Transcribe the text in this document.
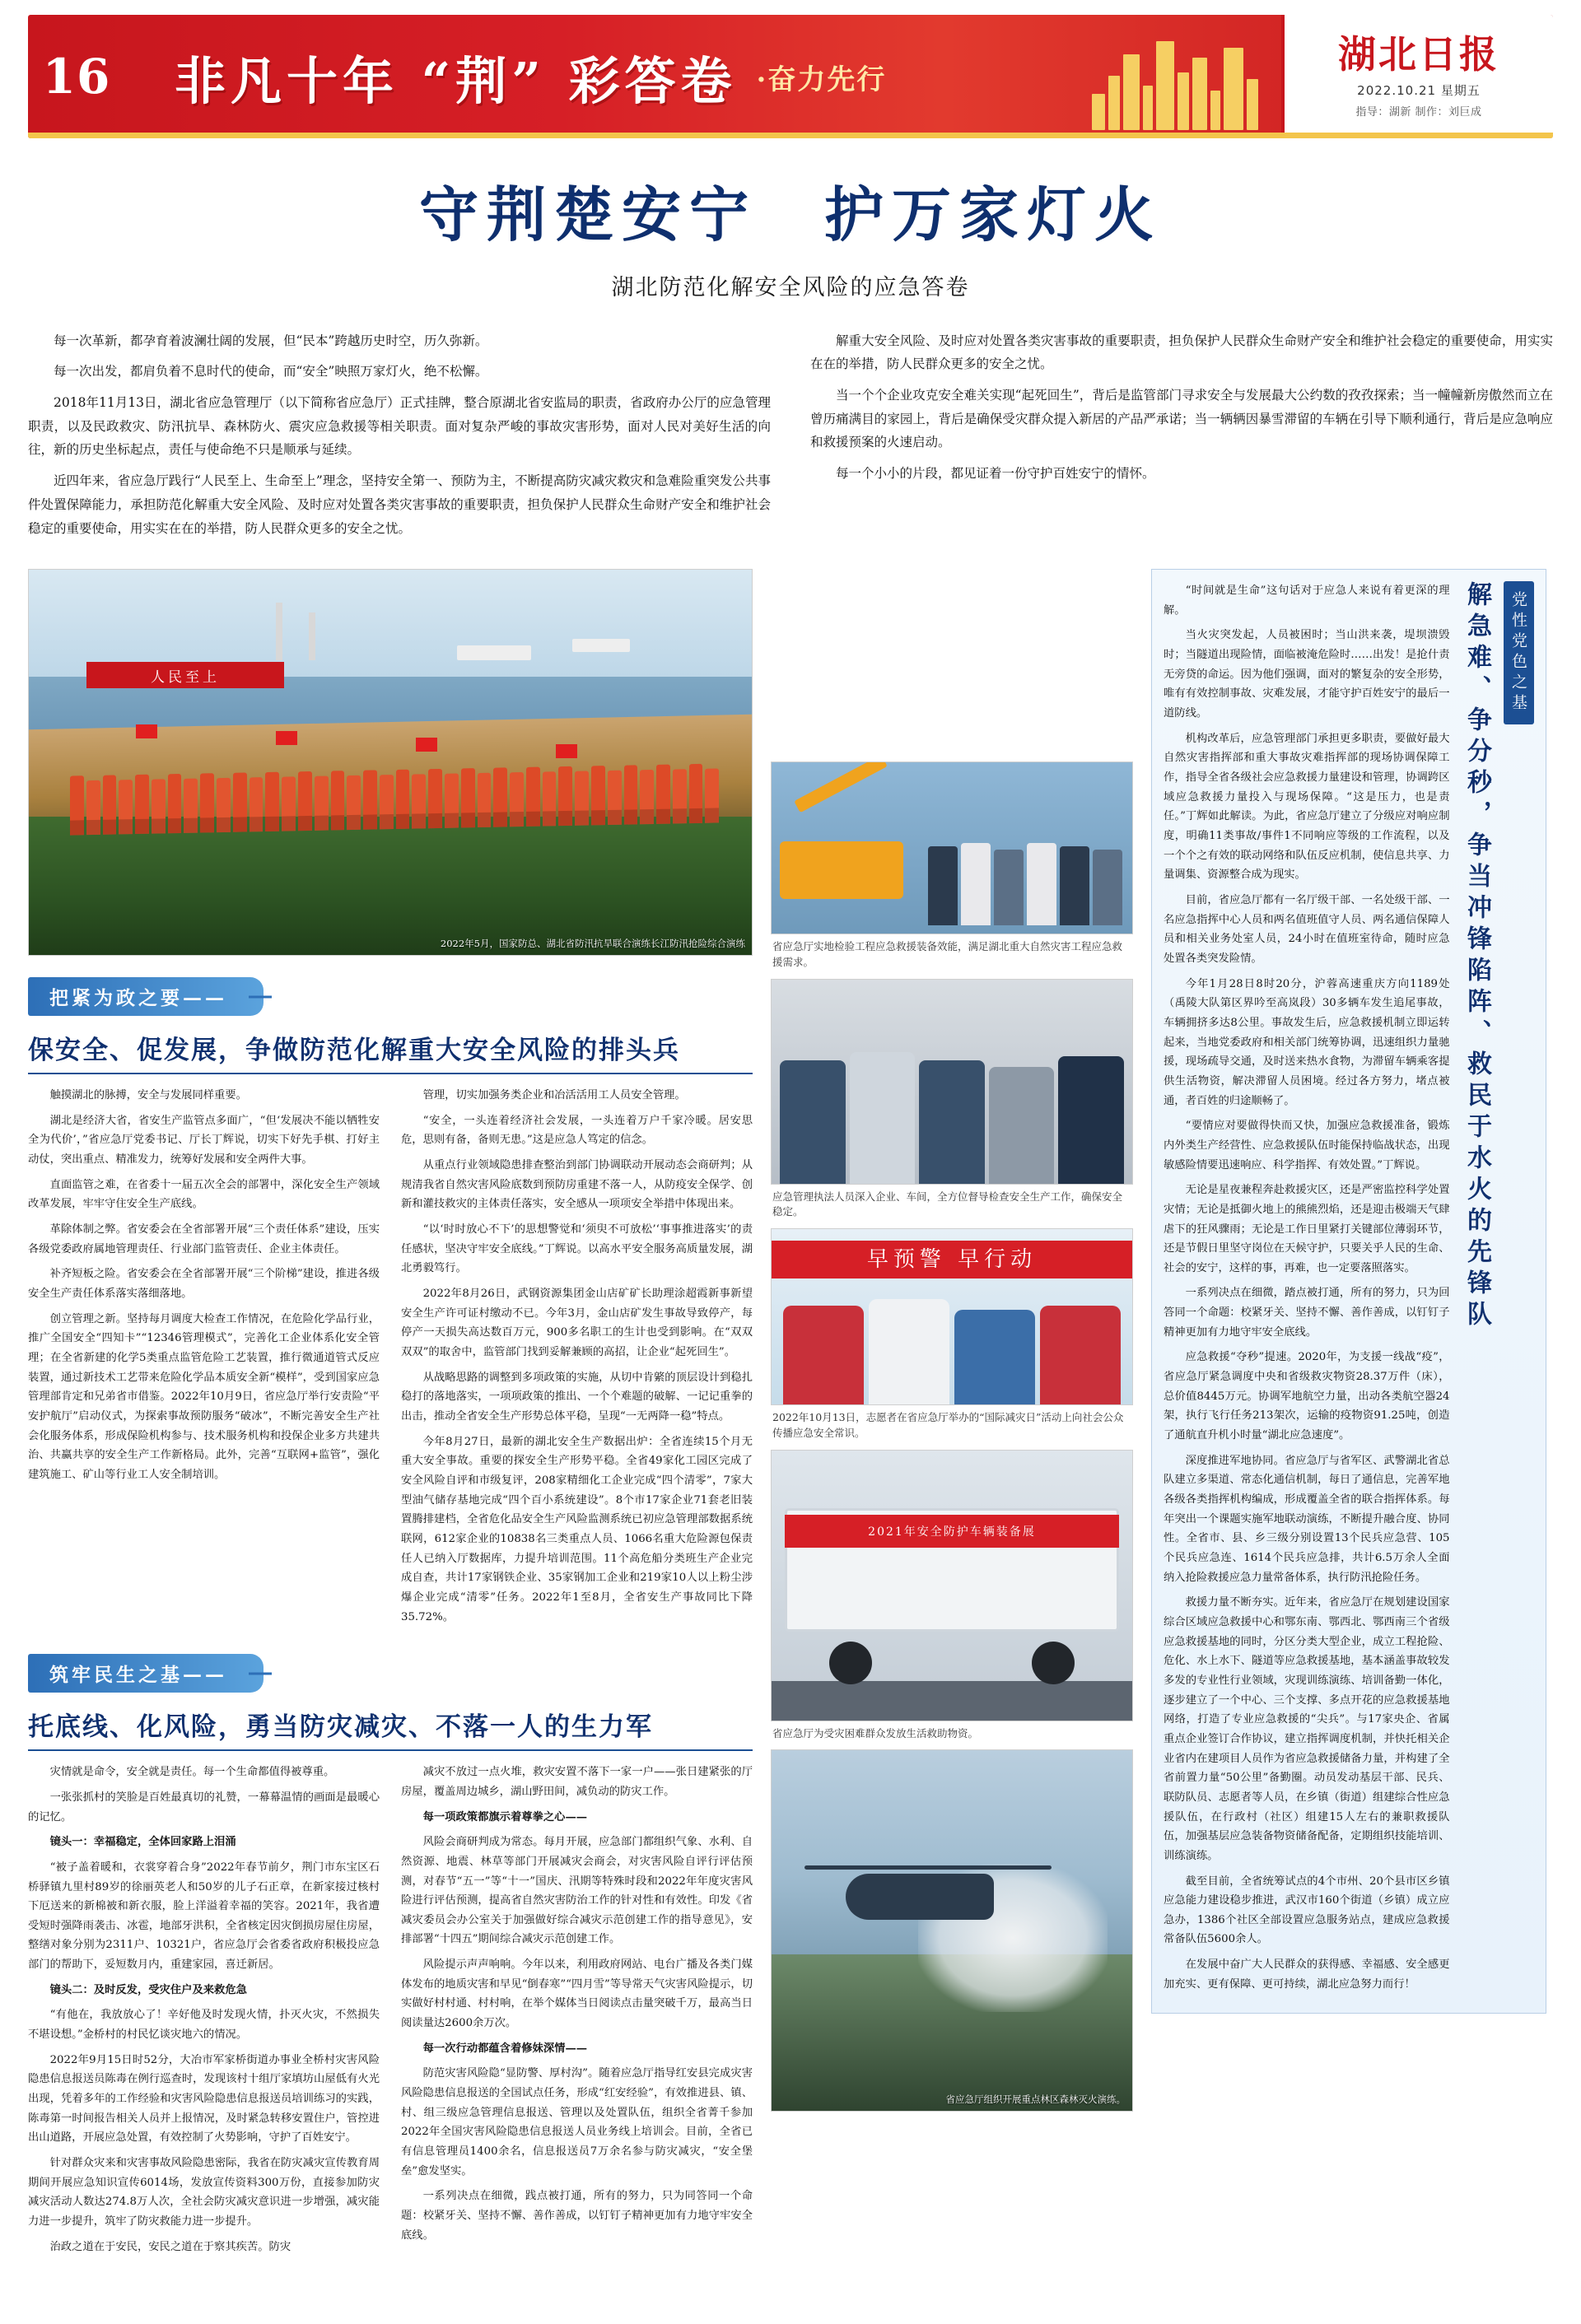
16 非凡十年 “荆” 彩答卷 ·奋力先行
湖北日报
2022.10.21 星期五
指导：湖新 制作：刘巨成
守荆楚安宁　护万家灯火
湖北防范化解安全风险的应急答卷

每一次革新，都孕育着波澜壮阔的发展，但“民本”跨越历史时空，历久弥新。

每一次出发，都肩负着不息时代的使命，而“安全”映照万家灯火，绝不松懈。

2018年11月13日，湖北省应急管理厅（以下简称省应急厅）正式挂牌，整合原湖北省安监局的职责，省政府办公厅的应急管理职责，以及民政救灾、防汛抗旱、森林防火、震灾应急救援等相关职责。面对复杂严峻的事故灾害形势，面对人民对美好生活的向往，新的历史坐标起点，责任与使命绝不只是顺承与延续。

近四年来，省应急厅践行“人民至上、生命至上”理念，坚持安全第一、预防为主，不断提高防灾减灾救灾和急难险重突发公共事件处置保障能力，承担防范化解重大安全风险、及时应对处置各类灾害事故的重要职责，担负保护人民群众生命财产安全和维护社会稳定的重要使命，用实实在在的举措，防人民群众更多的安全之忧。

解重大安全风险、及时应对处置各类灾害事故的重要职责，担负保护人民群众生命财产安全和维护社会稳定的重要使命，用实实在在的举措，防人民群众更多的安全之忧。

当一个个企业攻克安全难关实现“起死回生”，背后是监管部门寻求安全与发展最大公约数的孜孜探索；当一幢幢新房傲然而立在曾历痛满目的家园上，背后是确保受灾群众提入新居的产品严承诺；当一辆辆因暴雪滞留的车辆在引导下顺利通行，背后是应急响应和救援预案的火速启动。

每一个小小的片段，都见证着一份守护百姓安宁的情怀。

人民至上
2022年5月，国家防总、湖北省防汛抗旱联合演练长江防汛抢险综合演练
把紧为政之要——
保安全、促发展，争做防范化解重大安全风险的排头兵

触摸湖北的脉搏，安全与发展同样重要。

湖北是经济大省，省安生产监管点多面广，“但‘发展决不能以牺牲安全为代价’，”省应急厅党委书记、厅长丁辉说，切实下好先手棋、打好主动仗，突出重点、精准发力，统筹好发展和安全两件大事。

直面监管之难，在省委十一届五次全会的部署中，深化安全生产领域改革发展，牢牢守住安全生产底线。

革除体制之弊。省安委会在全省部署开展“三个责任体系”建设，压实各级党委政府属地管理责任、行业部门监管责任、企业主体责任。

补齐短板之险。省安委会在全省部署开展“三个阶梯”建设，推进各级安全生产责任体系落实落细落地。

创立管理之新。坚持每月调度大检查工作情况，在危险化学品行业，推广全国安全“四知卡”“12346管理模式”，完善化工企业体系化安全管理；在全省新建的化学5类重点监管危险工艺装置，推行微通道管式反应装置，通过新技术工艺带来危险化学品本质安全新“模样”，受到国家应急管理部肯定和兄弟省市借鉴。2022年10月9日，省应急厅举行安责险“平安护航厅”启动仪式，为探索事故预防服务“破冰”，不断完善安全生产社会化服务体系，形成保险机构参与、技术服务机构和投保企业多方共建共治、共赢共享的安全生产工作新格局。此外，完善“互联网+监管”，强化建筑施工、矿山等行业工人安全制培训。

管理，切实加强务类企业和冶活活用工人员安全管理。

“安全，一头连着经济社会发展，一头连着万户千家冷暖。居安思危，思则有备，备则无患。”这是应急人笃定的信念。

从重点行业领域隐患排查整治到部门协调联动开展动态会商研判；从规清我省自然灾害风险底数到预防房重建不落一人，从防疫安全保学、创新和灌技救灾的主体责任落实，安全感从一项项安全举措中体现出来。

“以‘时时放心不下’的思想警觉和‘须臾不可放松’‘事事推进落实’的责任感状，坚决守牢安全底线。”丁辉说。以高水平安全服务高质量发展，湖北勇毅笃行。

2022年8月26日，武钢资源集团金山店矿矿长助理涂超霞新事新望安全生产许可证村缴动不已。今年3月，金山店矿发生事故导致停产，每停产一天损失高达数百万元，900多名职工的生计也受到影响。在“双双双双”的取舍中，监管部门找到妥解兼顾的高招，让企业“起死回生”。

从战略思路的调整到多项政策的实施，从切中肯綮的顶层设计到稳扎稳打的落地落实，一项项政策的推出、一个个难题的破解、一记记重拳的出击，推动全省安全生产形势总体平稳，呈现“一无两降一稳”特点。

今年8月27日，最新的湖北安全生产数据出炉：全省连续15个月无重大安全事故。重要的探安全生产形势平稳。全省49家化工园区完成了安全风险自评和市级复评，208家精细化工企业完成“四个清零”，7家大型油气储存基地完成“四个百小系统建设”。8个市17家企业71套老旧装置腾排建档，全省危化品安全生产风险监测系统已初应急管理部数据系统联网，612家企业的10838名三类重点人员、1066名重大危险源包保责任人已纳入厅数据库，力提升培训范围。11个高危船分类班生产企业完成自查，共计17家钢铁企业、35家钢加工企业和219家10人以上粉尘涉爆企业完成“清零”任务。2022年1至8月，全省安生产事故同比下降35.72%。

筑牢民生之基——
托底线、化风险，勇当防灾减灾、不落一人的生力军

灾情就是命令，安全就是责任。每一个生命都值得被尊重。

一张张抓村的笑脸是百姓最真切的礼赞，一幕幕温情的画面是最暖心的记忆。

镜头一：幸福稳定，全体回家路上泪涌

“被子盖着暖和，衣裳穿着合身”2022年春节前夕，荆门市东宝区石桥驿镇九里村89岁的徐丽英老人和50岁的儿子石正章，在新家接过核村下厄送来的新棉被和新衣服，脸上洋溢着幸福的笑容。2021年，我省遭受短时强降雨袭击、冰雹，地部牙洪积，全省核定因灾倒损房屋住房屋，整缮对象分别为2311户、10321户，省应急厅会省委省政府积极投应急部门的帮助下，妥短数月内，重建家园，喜迁新居。

镜头二：及时反发，受灾住户及来救危急

“有他在，我放放心了！辛好他及时发现火情，扑灭火灾，不然损失不堪设想。”金桥村的村民忆谈灾地六的情况。

2022年9月15日时52分，大冶市军家桥街道办事业全桥村灾害风险隐患信息报送员陈毒在例行巡查时，发现该村十组厅家填坊山屋低有火光出现，凭着多年的工作经验和灾害风险隐患信息报送员培训练习的实践，陈毒第一时间报告相关人员并上报情况，及时紧急转移安置住户，管控进出山道路，开展应急处置，有效控制了火势影响，守护了百姓安宁。

针对群众灾来和灾害事故风险隐患密际，我省在防灾减灾宣传教育周期间开展应急知识宣传6014场，发放宣传资料300万份，直接参加防灾减灾活动人数达274.8万人次，全社会防灾减灾意识进一步增强，减灾能力进一步提升，筑牢了防灾救能力进一步提升。

治政之道在于安民，安民之道在于察其疾苦。防灾

减灾不放过一点火堆，救灾安置不落下一家一户——张日建紧张的厅房屋，覆盖周边城乡，湖山野田间，减负动的防灾工作。

每一项政策都旗示着尊拳之心——

风险会商研判成为常态。每月开展，应急部门都组织气象、水利、自然资源、地震、林草等部门开展减灾会商会，对灾害风险自评行评估预测，对春节“五一”等“十一”国庆、汛期等特殊时段和2022年年度灾害风险进行评估预测，提高省自然灾害防治工作的针对性和有效性。印发《省减灾委员会办公室关于加强做好综合减灾示范创建工作的指导意见》，安排部署“十四五”期间综合减灾示范创建工作。

风险提示声声响响。今年以来，利用政府网站、电台广播及各类门媒体发布的地质灾害和早见“倒春寒”“四月雪”等导常天气灾害风险提示，切实做好村村通、村村响，在举个媒体当日阅读点击量突破千万，最高当日阅读量达2600余万次。

每一次行动都蕴含着修妹深情——

防范灾害风险隐“显防警、厚村沟”。随着应急厅指导红安县完成灾害风险隐患信息报送的全国试点任务，形成“红安经验”，有效推进县、镇、村、组三级应急管理信息报送、管理以及处置队伍，组织全省菁千参加2022年全国灾害风险隐患信息报送人员业务线上培训会。目前，全省已有信息管理员1400余名，信息报送员7万余名参与防灾减灾，“安全堡垒”愈发坚实。

一系列决点在细微，践点被打通，所有的努力，只为同答同一个命题：校紧牙关、坚持不懈、善作善成，以钉钉子精神更加有力地守牢安全底线。

省应急厅实地检验工程应急救援装备效能，满足湖北重大自然灾害工程应急救援需求。
应急管理执法人员深入企业、车间，全方位督导检查安全生产工作，确保安全稳定。
早预警 早行动
2022年10月13日，志愿者在省应急厅举办的“国际减灾日”活动上向社会公众传播应急安全常识。
2021年安全防护车辆装备展
省应急厅为受灾困难群众发放生活救助物资。
省应急厅组织开展重点林区森林灭火演练。

“时间就是生命”这句话对于应急人来说有着更深的理解。

当火灾突发起，人员被困时；当山洪来袭，堤坝溃毁时；当隧道出现险情，面临被淹危险时……出发！是抢什责无旁贷的命运。因为他们强调，面对的繁复杂的安全形势，唯有有效控制事故、灾难发展，才能守护百姓安宁的最后一道防线。

机构改革后，应急管理部门承担更多职责，要做好最大自然灾害指挥部和重大事故灾难指挥部的现场协调保障工作，指导全省各级社会应急救援力量建设和管理，协调跨区域应急救援力量投入与现场保障。“这是压力，也是责任。”丁辉如此解读。为此，省应急厅建立了分级应对响应制度，明确11类事故/事件1不同响应等级的工作流程，以及一个个之有效的联动网络和队伍反应机制，使信息共享、力量调集、资源整合成为现实。

目前，省应急厅都有一名厅级干部、一名处级干部、一名应急指挥中心人员和两名值班值守人员、两名通信保障人员和相关业务处室人员，24小时在值班室待命，随时应急处置各类突发险情。

今年1月28日8时20分，沪蓉高速重庆方向1189处（禹陵大队第区界吟至高岚段）30多辆车发生追尾事故，车辆拥挤多达8公里。事故发生后，应急救援机制立即运转起来，当地党委政府和相关部门统筹协调，迅速组织力量驰援，现场疏导交通，及时送来热水食物，为滞留车辆乘客提供生活物资，解决滞留人员困境。经过各方努力，堵点被通，者百姓的归途顺畅了。

“要情应对要做得快而又快，加强应急救援准备，锻炼内外类生产经营性、应急救援队伍时能保持临战状态，出现敏感险情要迅速响应、科学指挥、有效处置。”丁辉说。

无论是星夜兼程奔赴救援灾区，还是严密监控科学处置灾情；无论是抵御火地上的熊熊烈焰，还是迎击极端天气肆虐下的狂风骤雨；无论是工作日里紧打关键部位薄弱环节，还是节假日里坚守岗位在天候守护，只要关乎人民的生命、社会的安宁，这样的事，再难，也一定要落照落实。

一系列决点在细微，踏点被打通，所有的努力，只为回答同一个命题：校紧牙关、坚持不懈、善作善成，以钉钉子精神更加有力地守牢安全底线。

应急救援“夺秒”提速。2020年，为支援一线战“疫”，省应急厅紧急调度中央和省级救灾物资28.37万件（床），总价值8445万元。协调军地航空力量，出动各类航空器24架，执行飞行任务213架次，运输的疫物资91.25吨，创造了通航直升机小时量“湖北应急速度”。

深度推进军地协同。省应急厅与省军区、武警湖北省总队建立多渠道、常态化通信机制，每日了通信息，完善军地各级各类指挥机构编成，形成覆盖全省的联合指挥体系。每年突出一个课题实施军地联动演练，不断提升融合度、协同性。全省市、县、乡三级分别设置13个民兵应急营、105个民兵应急连、1614个民兵应急排，共计6.5万余人全面纳入抢险救援应急力量常备体系，执行防汛抢险任务。

救援力量不断夯实。近年来，省应急厅在规划建设国家综合区域应急救援中心和鄂东南、鄂西北、鄂西南三个省级应急救援基地的同时，分区分类大型企业，成立工程抢险、危化、水上水下、隧道等应急救援基地，基本涵盖事故较发多发的专业性行业领域，灾现训练演练、培训备勤一体化，逐步建立了一个中心、三个支撑、多点开花的应急救援基地网络，打造了专业应急救援的“尖兵”。与17家央企、省属重点企业签订合作协议，建立指挥调度机制，并快托相关企业省内在建项目人员作为省应急救援储备力量，并构建了全省前置力量“50公里”备勤圈。动员发动基层干部、民兵、联防队员、志愿者等人员，在乡镇（街道）组建综合性应急援队伍，在行政村（社区）组建15人左右的兼职救援队伍，加强基层应急装备物资储备配备，定期组织技能培训、训练演练。

截至目前，全省统筹试点的4个市州、20个县市区乡镇应急能力建设稳步推进，武汉市160个街道（乡镇）成立应急办，1386个社区全部设置应急服务站点，建成应急救援常备队伍5600余人。

在发展中奋广大人民群众的获得感、幸福感、安全感更加充实、更有保障、更可持续，湖北应急努力而行！

解急难、争分秒，争当冲锋陷阵、救民于水火的先锋队	党性党色之基
